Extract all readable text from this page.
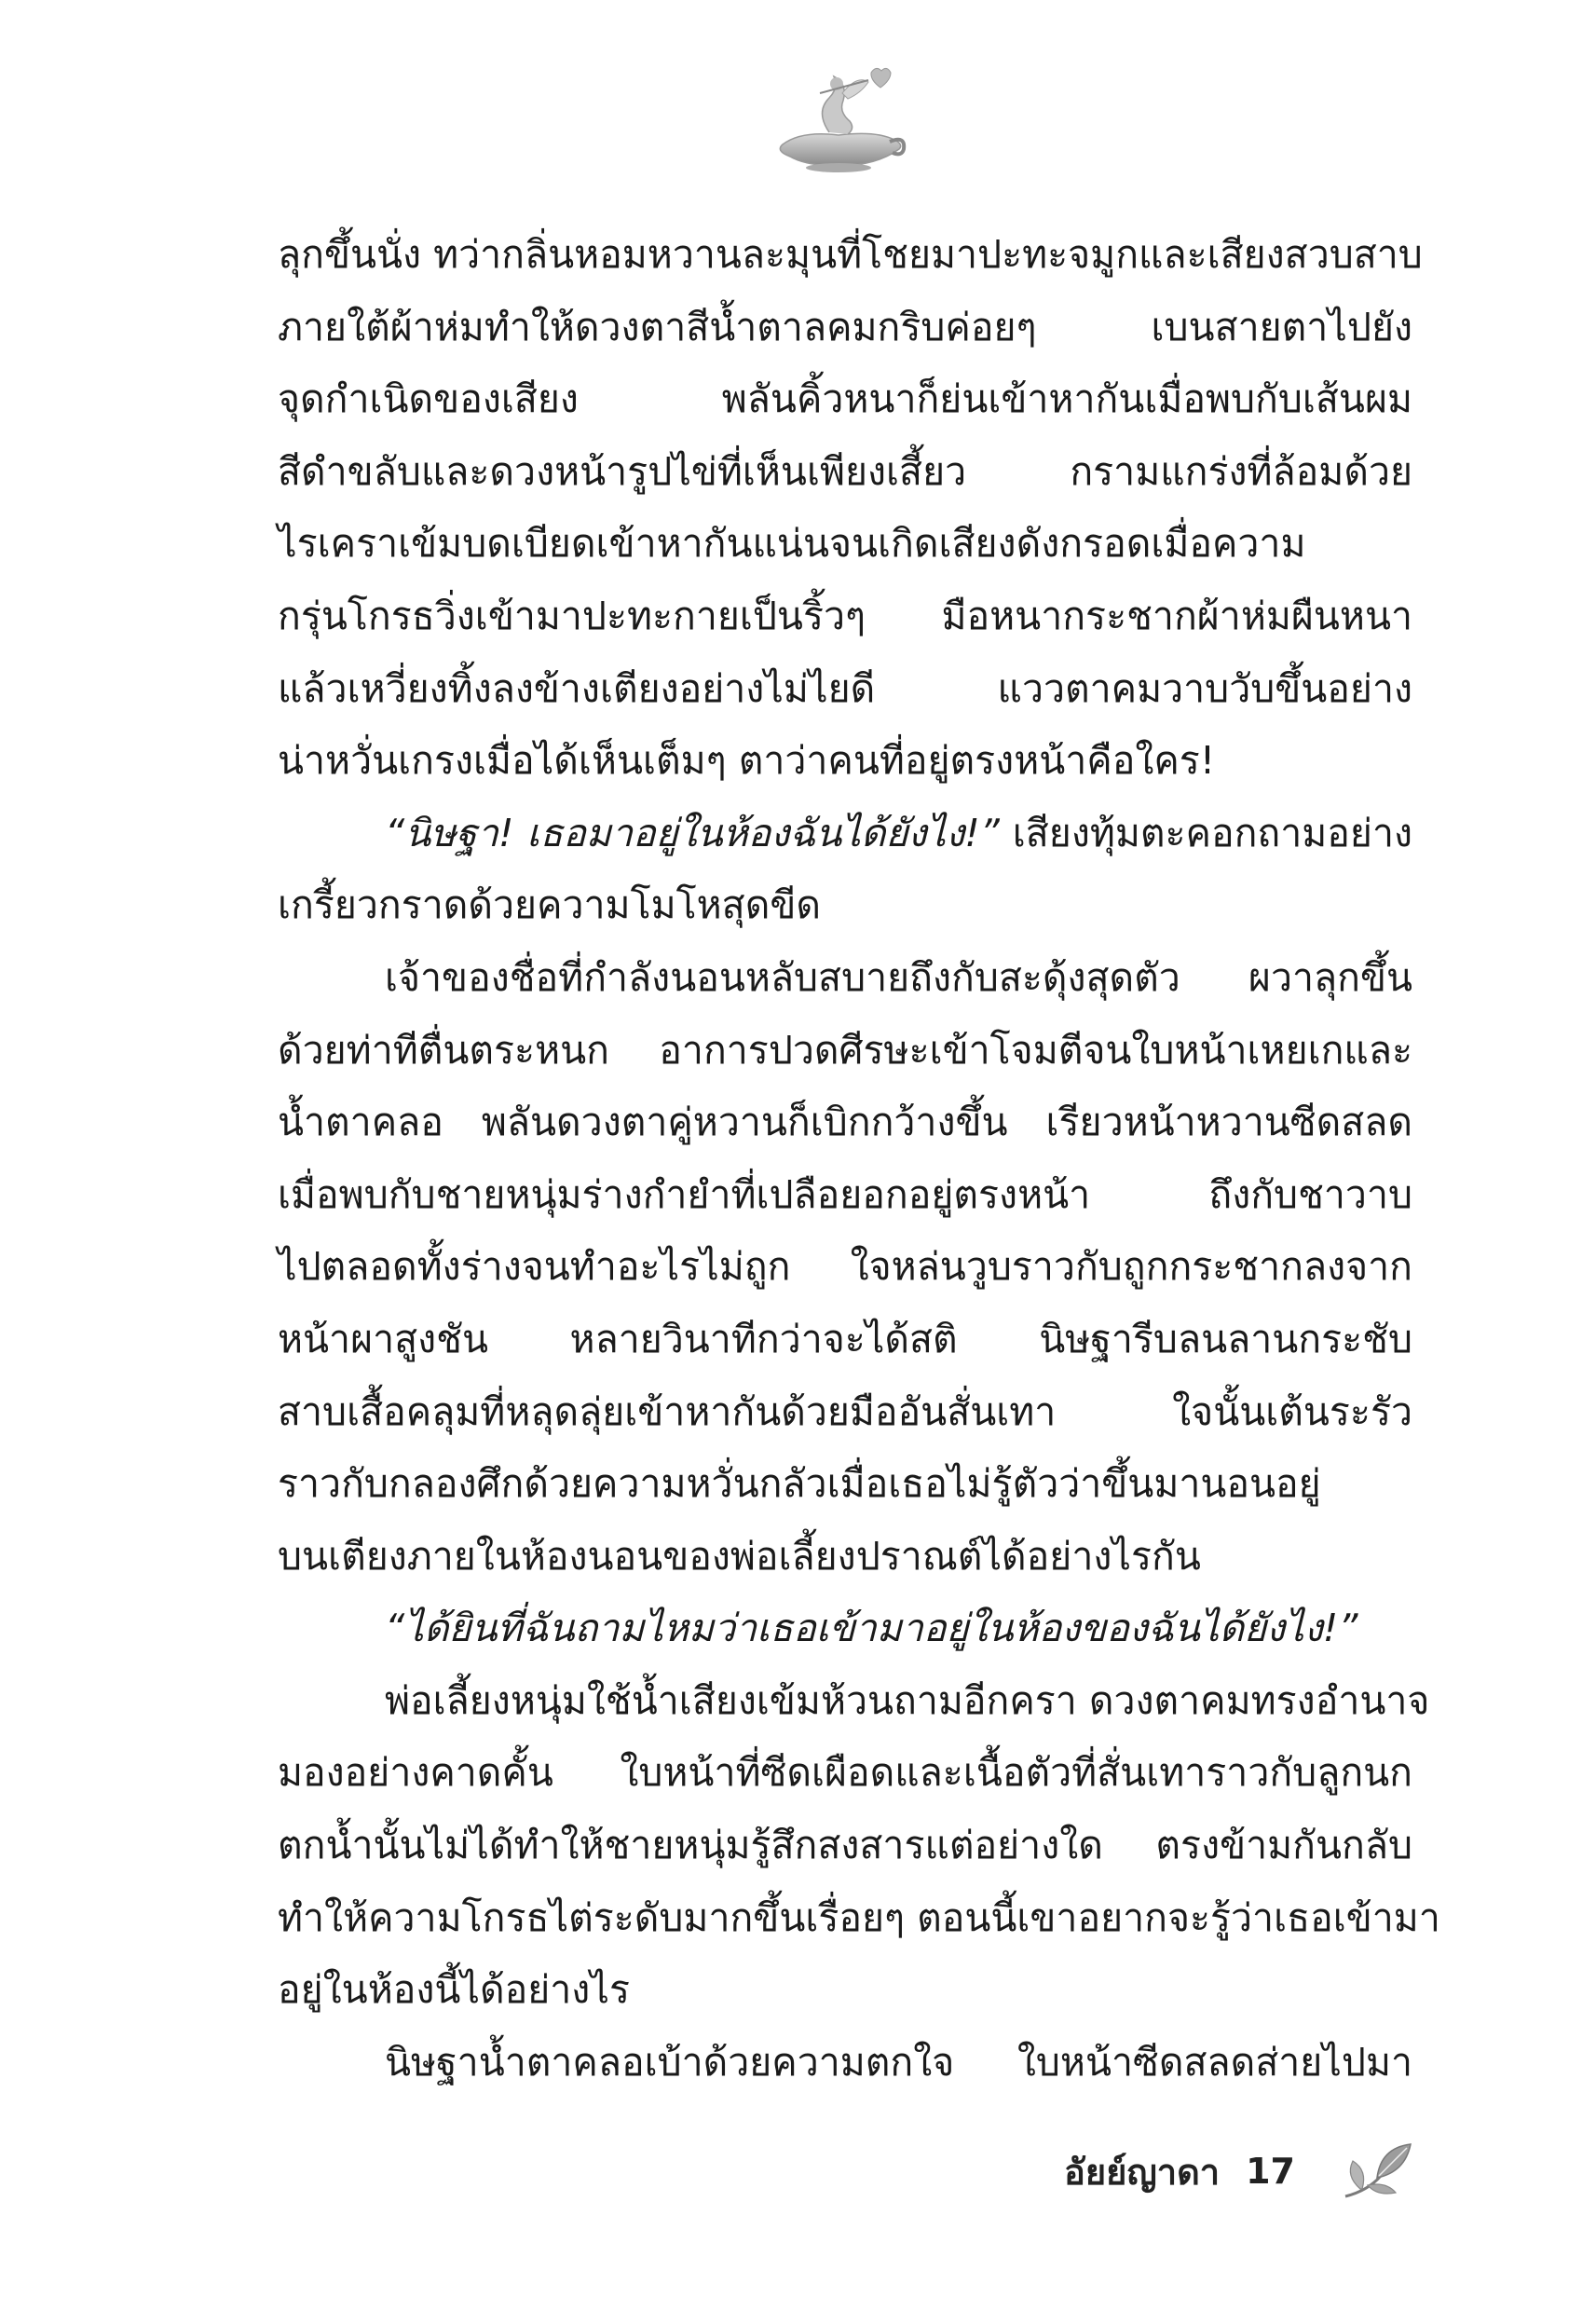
ลุกขึ้นนั่ง ทว่ากลิ่นหอมหวานละมุนที่โชยมาปะทะจมูกและเสียงสวบสาบ
ภายใต้ผ้าห่มทำให้ดวงตาสีน้ำตาลคมกริบค่อยๆ เบนสายตาไปยัง
จุดกำเนิดของเสียง พลันคิ้วหนาก็ย่นเข้าหากันเมื่อพบกับเส้นผม
สีดำขลับและดวงหน้ารูปไข่ที่เห็นเพียงเสี้ยว กรามแกร่งที่ล้อมด้วย
ไรเคราเข้มบดเบียดเข้าหากันแน่นจนเกิดเสียงดังกรอดเมื่อความ
กรุ่นโกรธวิ่งเข้ามาปะทะกายเป็นริ้วๆ มือหนากระชากผ้าห่มผืนหนา
แล้วเหวี่ยงทิ้งลงข้างเตียงอย่างไม่ไยดี แววตาคมวาบวับขึ้นอย่าง
น่าหวั่นเกรงเมื่อได้เห็นเต็มๆ ตาว่าคนที่อยู่ตรงหน้าคือใคร!
“นิษฐา! เธอมาอยู่ในห้องฉันได้ยังไง!” เสียงทุ้มตะคอกถามอย่าง
เกรี้ยวกราดด้วยความโมโหสุดขีด
เจ้าของชื่อที่กำลังนอนหลับสบายถึงกับสะดุ้งสุดตัว ผวาลุกขึ้น
ด้วยท่าทีตื่นตระหนก อาการปวดศีรษะเข้าโจมตีจนใบหน้าเหยเกและ
น้ำตาคลอ พลันดวงตาคู่หวานก็เบิกกว้างขึ้น เรียวหน้าหวานซีดสลด
เมื่อพบกับชายหนุ่มร่างกำยำที่เปลือยอกอยู่ตรงหน้า ถึงกับชาวาบ
ไปตลอดทั้งร่างจนทำอะไรไม่ถูก ใจหล่นวูบราวกับถูกกระชากลงจาก
หน้าผาสูงชัน หลายวินาทีกว่าจะได้สติ นิษฐารีบลนลานกระชับ
สาบเสื้อคลุมที่หลุดลุ่ยเข้าหากันด้วยมืออันสั่นเทา ใจนั้นเต้นระรัว
ราวกับกลองศึกด้วยความหวั่นกลัวเมื่อเธอไม่รู้ตัวว่าขึ้นมานอนอยู่
บนเตียงภายในห้องนอนของพ่อเลี้ยงปราณต์ได้อย่างไรกัน
“ได้ยินที่ฉันถามไหมว่าเธอเข้ามาอยู่ในห้องของฉันได้ยังไง!”
พ่อเลี้ยงหนุ่มใช้น้ำเสียงเข้มห้วนถามอีกครา ดวงตาคมทรงอำนาจ
มองอย่างคาดคั้น ใบหน้าที่ซีดเผือดและเนื้อตัวที่สั่นเทาราวกับลูกนก
ตกน้ำนั้นไม่ได้ทำให้ชายหนุ่มรู้สึกสงสารแต่อย่างใด ตรงข้ามกันกลับ
ทำให้ความโกรธไต่ระดับมากขึ้นเรื่อยๆ ตอนนี้เขาอยากจะรู้ว่าเธอเข้ามา
อยู่ในห้องนี้ได้อย่างไร
นิษฐาน้ำตาคลอเบ้าด้วยความตกใจ ใบหน้าซีดสลดส่ายไปมา
อัยย์ญาดา 17
